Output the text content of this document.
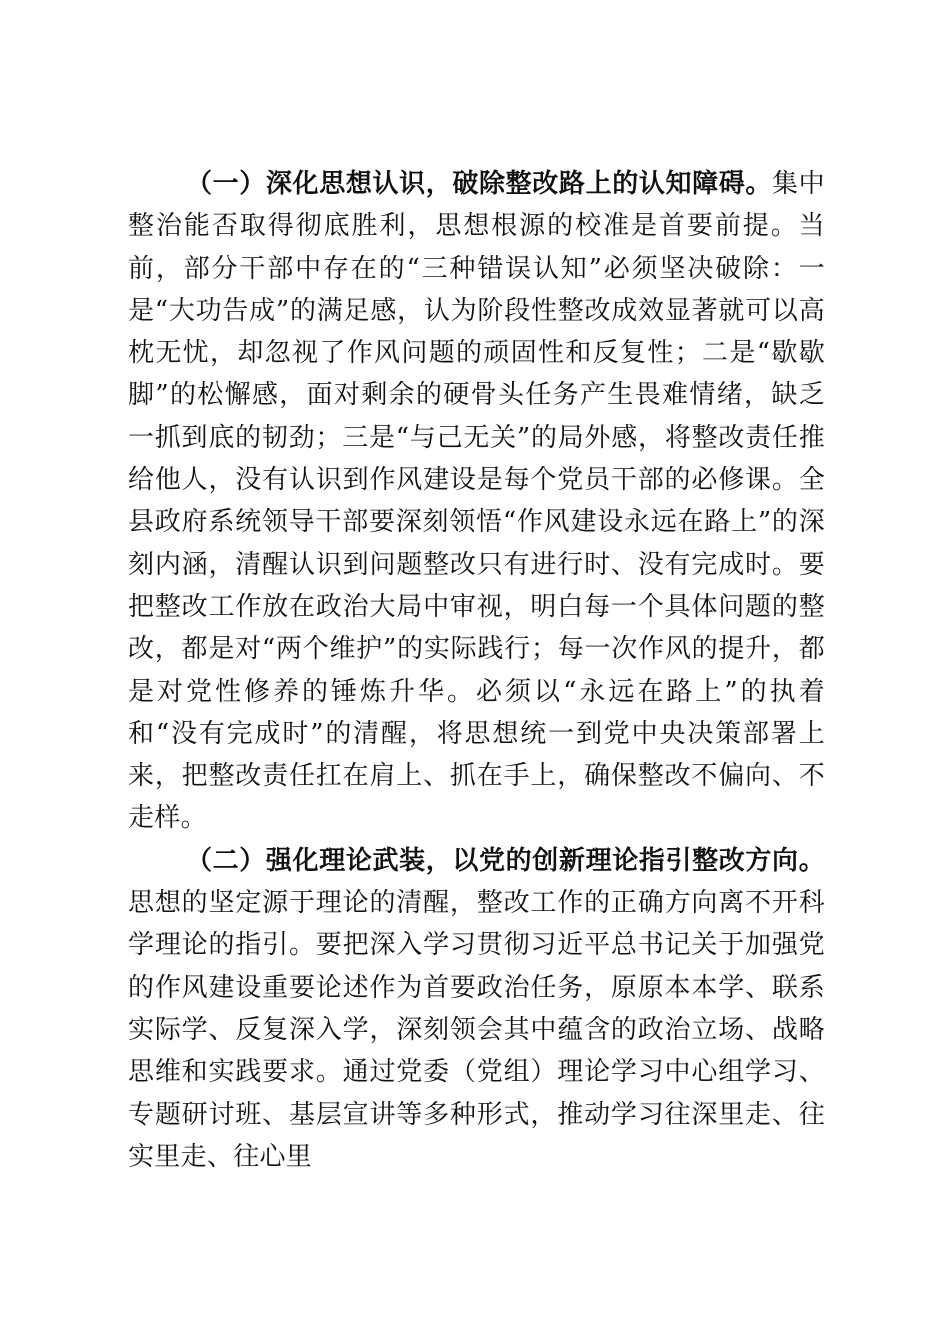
（一）深化思想认识，破除整改路上的认知障碍。集中整治能否取得彻底胜利，思想根源的校准是首要前提。当前，部分干部中存在的“三种错误认知”必须坚决破除：一是“大功告成”的满足感，认为阶段性整改成效显著就可以高枕无忧，却忽视了作风问题的顽固性和反复性；二是“歇歇脚”的松懈感，面对剩余的硬骨头任务产生畏难情绪，缺乏一抓到底的韧劲；三是“与己无关”的局外感，将整改责任推给他人，没有认识到作风建设是每个党员干部的必修课。全县政府系统领导干部要深刻领悟“作风建设永远在路上”的深刻内涵，清醒认识到问题整改只有进行时、没有完成时。要把整改工作放在政治大局中审视，明白每一个具体问题的整改，都是对“两个维护”的实际践行；每一次作风的提升，都是对党性修养的锤炼升华。必须以“永远在路上”的执着和“没有完成时”的清醒，将思想统一到党中央决策部署上来，把整改责任扛在肩上、抓在手上，确保整改不偏向、不走样。

（二）强化理论武装，以党的创新理论指引整改方向。思想的坚定源于理论的清醒，整改工作的正确方向离不开科学理论的指引。要把深入学习贯彻习近平总书记关于加强党的作风建设重要论述作为首要政治任务，原原本本学、联系实际学、反复深入学，深刻领会其中蕴含的政治立场、战略思维和实践要求。通过党委（党组）理论学习中心组学习、专题研讨班、基层宣讲等多种形式，推动学习往深里走、往实里走、往心里
